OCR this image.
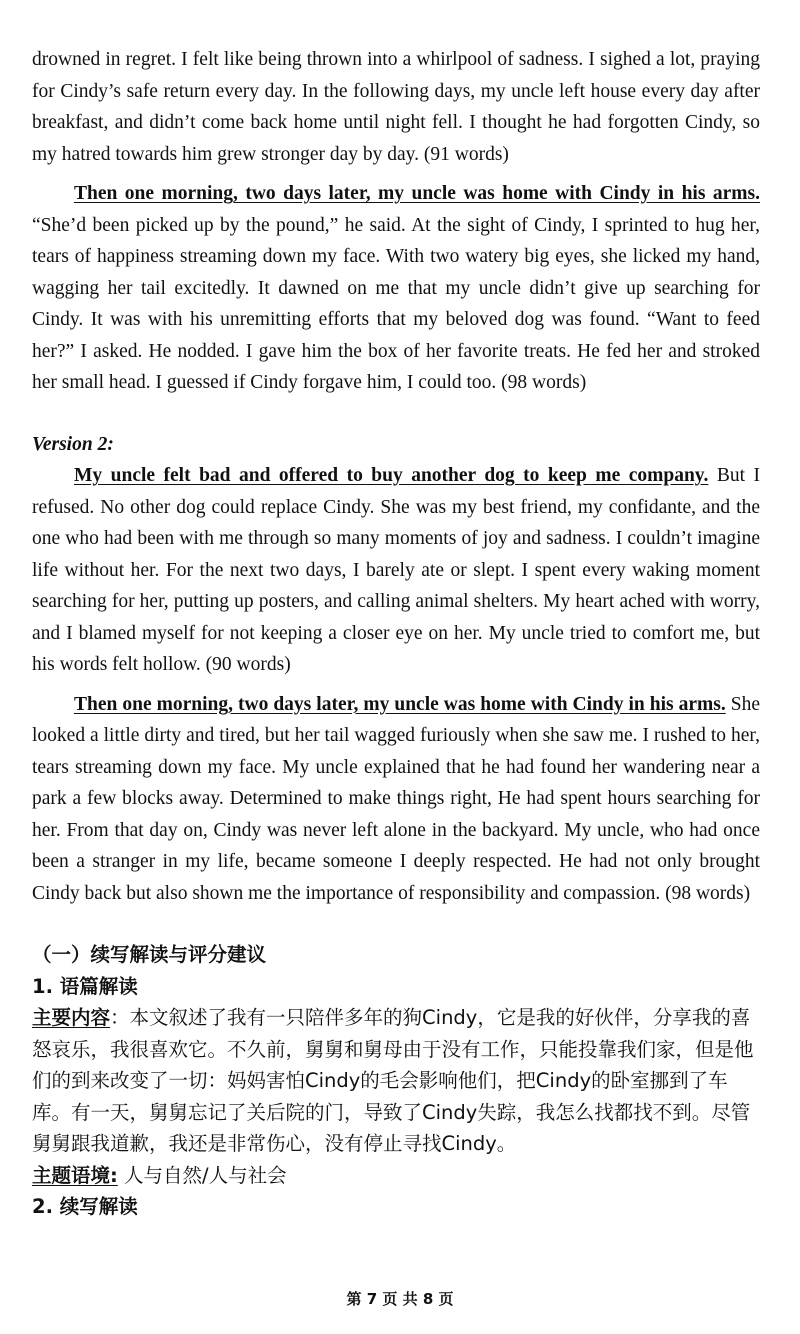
drowned in regret. I felt like being thrown into a whirlpool of sadness. I sighed a lot, praying for Cindy’s safe return every day. In the following days, my uncle left house every day after breakfast, and didn’t come back home until night fell. I thought he had forgotten Cindy, so my hatred towards him grew stronger day by day. (91 words)

Then one morning, two days later, my uncle was home with Cindy in his arms. “She’d been picked up by the pound,” he said. At the sight of Cindy, I sprinted to hug her, tears of happiness streaming down my face. With two watery big eyes, she licked my hand, wagging her tail excitedly. It dawned on me that my uncle didn’t give up searching for Cindy. It was with his unremitting efforts that my beloved dog was found. “Want to feed her?” I asked. He nodded. I gave him the box of her favorite treats. He fed her and stroked her small head. I guessed if Cindy forgave him, I could too. (98 words)

Version 2:

My uncle felt bad and offered to buy another dog to keep me company. But I refused. No other dog could replace Cindy. She was my best friend, my confidante, and the one who had been with me through so many moments of joy and sadness. I couldn’t imagine life without her. For the next two days, I barely ate or slept. I spent every waking moment searching for her, putting up posters, and calling animal shelters. My heart ached with worry, and I blamed myself for not keeping a closer eye on her. My uncle tried to comfort me, but his words felt hollow. (90 words)

Then one morning, two days later, my uncle was home with Cindy in his arms. She looked a little dirty and tired, but her tail wagged furiously when she saw me. I rushed to her, tears streaming down my face. My uncle explained that he had found her wandering near a park a few blocks away. Determined to make things right, He had spent hours searching for her. From that day on, Cindy was never left alone in the backyard. My uncle, who had once been a stranger in my life, became someone I deeply respected. He had not only brought Cindy back but also shown me the importance of responsibility and compassion. (98 words)

（一）续写解读与评分建议

1. 语篇解读

主要内容：本文叙述了我有一只陪伴多年的狗Cindy，它是我的好伙伴，分享我的喜怒哀乐，我很喜欢它。不久前，舅舅和舅母由于没有工作，只能投靠我们家，但是他们的到来改变了一切：妈妈害怕Cindy的毛会影响他们，把Cindy的卧室挪到了车库。有一天，舅舅忘记了关后院的门，导致了Cindy失踪，我怎么找都找不到。尽管舅舅跟我道歉，我还是非常伤心，没有停止寻找Cindy。

主题语境: 人与自然/人与社会

2. 续写解读

第 7 页 共 8 页
